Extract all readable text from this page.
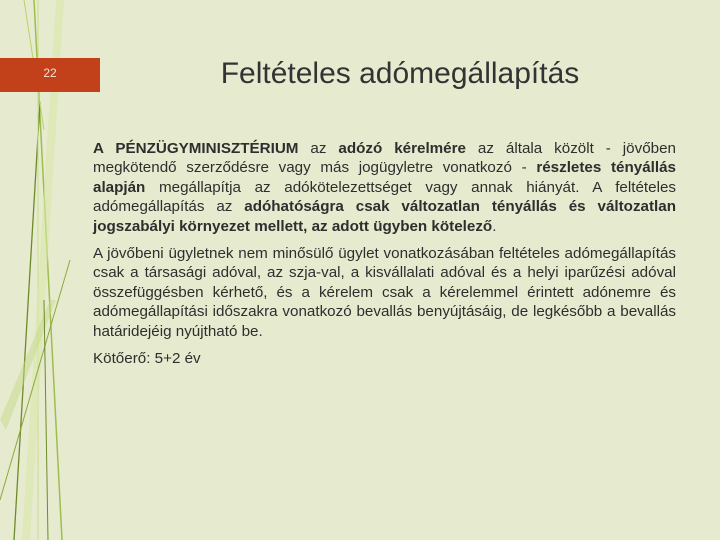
22	Feltételes adómegállapítás

A PÉNZÜGYMINISZTÉRIUM az adózó kérelmére az általa közölt - jövőben megkötendő szerződésre vagy más jogügyletre vonatkozó - részletes tényállás alapján megállapítja az adókötelezettséget vagy annak hiányát. A feltételes adómegállapítás az adóhatóságra csak változatlan tényállás és változatlan jogszabályi környezet mellett, az adott ügyben kötelező.

A jövőbeni ügyletnek nem minősülő ügylet vonatkozásában feltételes adómegállapítás csak a társasági adóval, az szja-val, a kisvállalati adóval és a helyi iparűzési adóval összefüggésben kérhető, és a kérelem csak a kérelemmel érintett adónemre és adómegállapítási időszakra vonatkozó bevallás benyújtásáig, de legkésőbb a bevallás határidejéig nyújtható be.

Kötőerő: 5+2 év
